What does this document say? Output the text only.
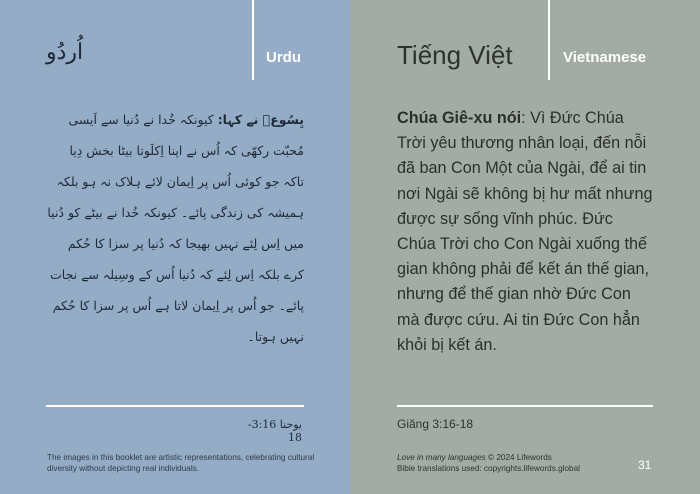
اُردُو	Urdu
یِسُوعؔ نے کہا: کیونکہ خُدا نے دُنیا سے اَیسی مُحبّت رکھّی کہ اُس نے اپنا اِکلَوتا بیٹا بخش دِیا تاکہ جو کوئی اُس پر اِیمان لائے ہلاک نہ ہو بلکہ ہمیشہ کی زندگی پائے۔ کیونکہ خُدا نے بیٹے کو دُنیا میں اِس لِئے نہیں بھیجا کہ دُنیا پر سزا کا حُکم کرے بلکہ اِس لِئے کہ دُنیا اُس کے وسِیلہ سے نجات پائے۔ جو اُس پر اِیمان لاتا ہے اُس پر سزا کا حُکم نہیں ہوتا۔
یوحنا 3:16-18
The images in this booklet are artistic representations, celebrating cultural diversity without depicting real individuals.
Tiếng Việt	Vietnamese
Chúa Giê-xu nói: Vì Đức Chúa Trời yêu thương nhân loại, đến nỗi đã ban Con Một của Ngài, để ai tin nơi Ngài sẽ không bị hư mất nhưng được sự sống vĩnh phúc. Đức Chúa Trời cho Con Ngài xuống thế gian không phải để kết án thế gian, nhưng để thế gian nhờ Đức Con mà được cứu. Ai tin Đức Con hẳn khỏi bị kết án.
Giăng 3:16-18
Love in many languages © 2024 Lifewords
Bible translations used: copyrights.lifewords.global	31
